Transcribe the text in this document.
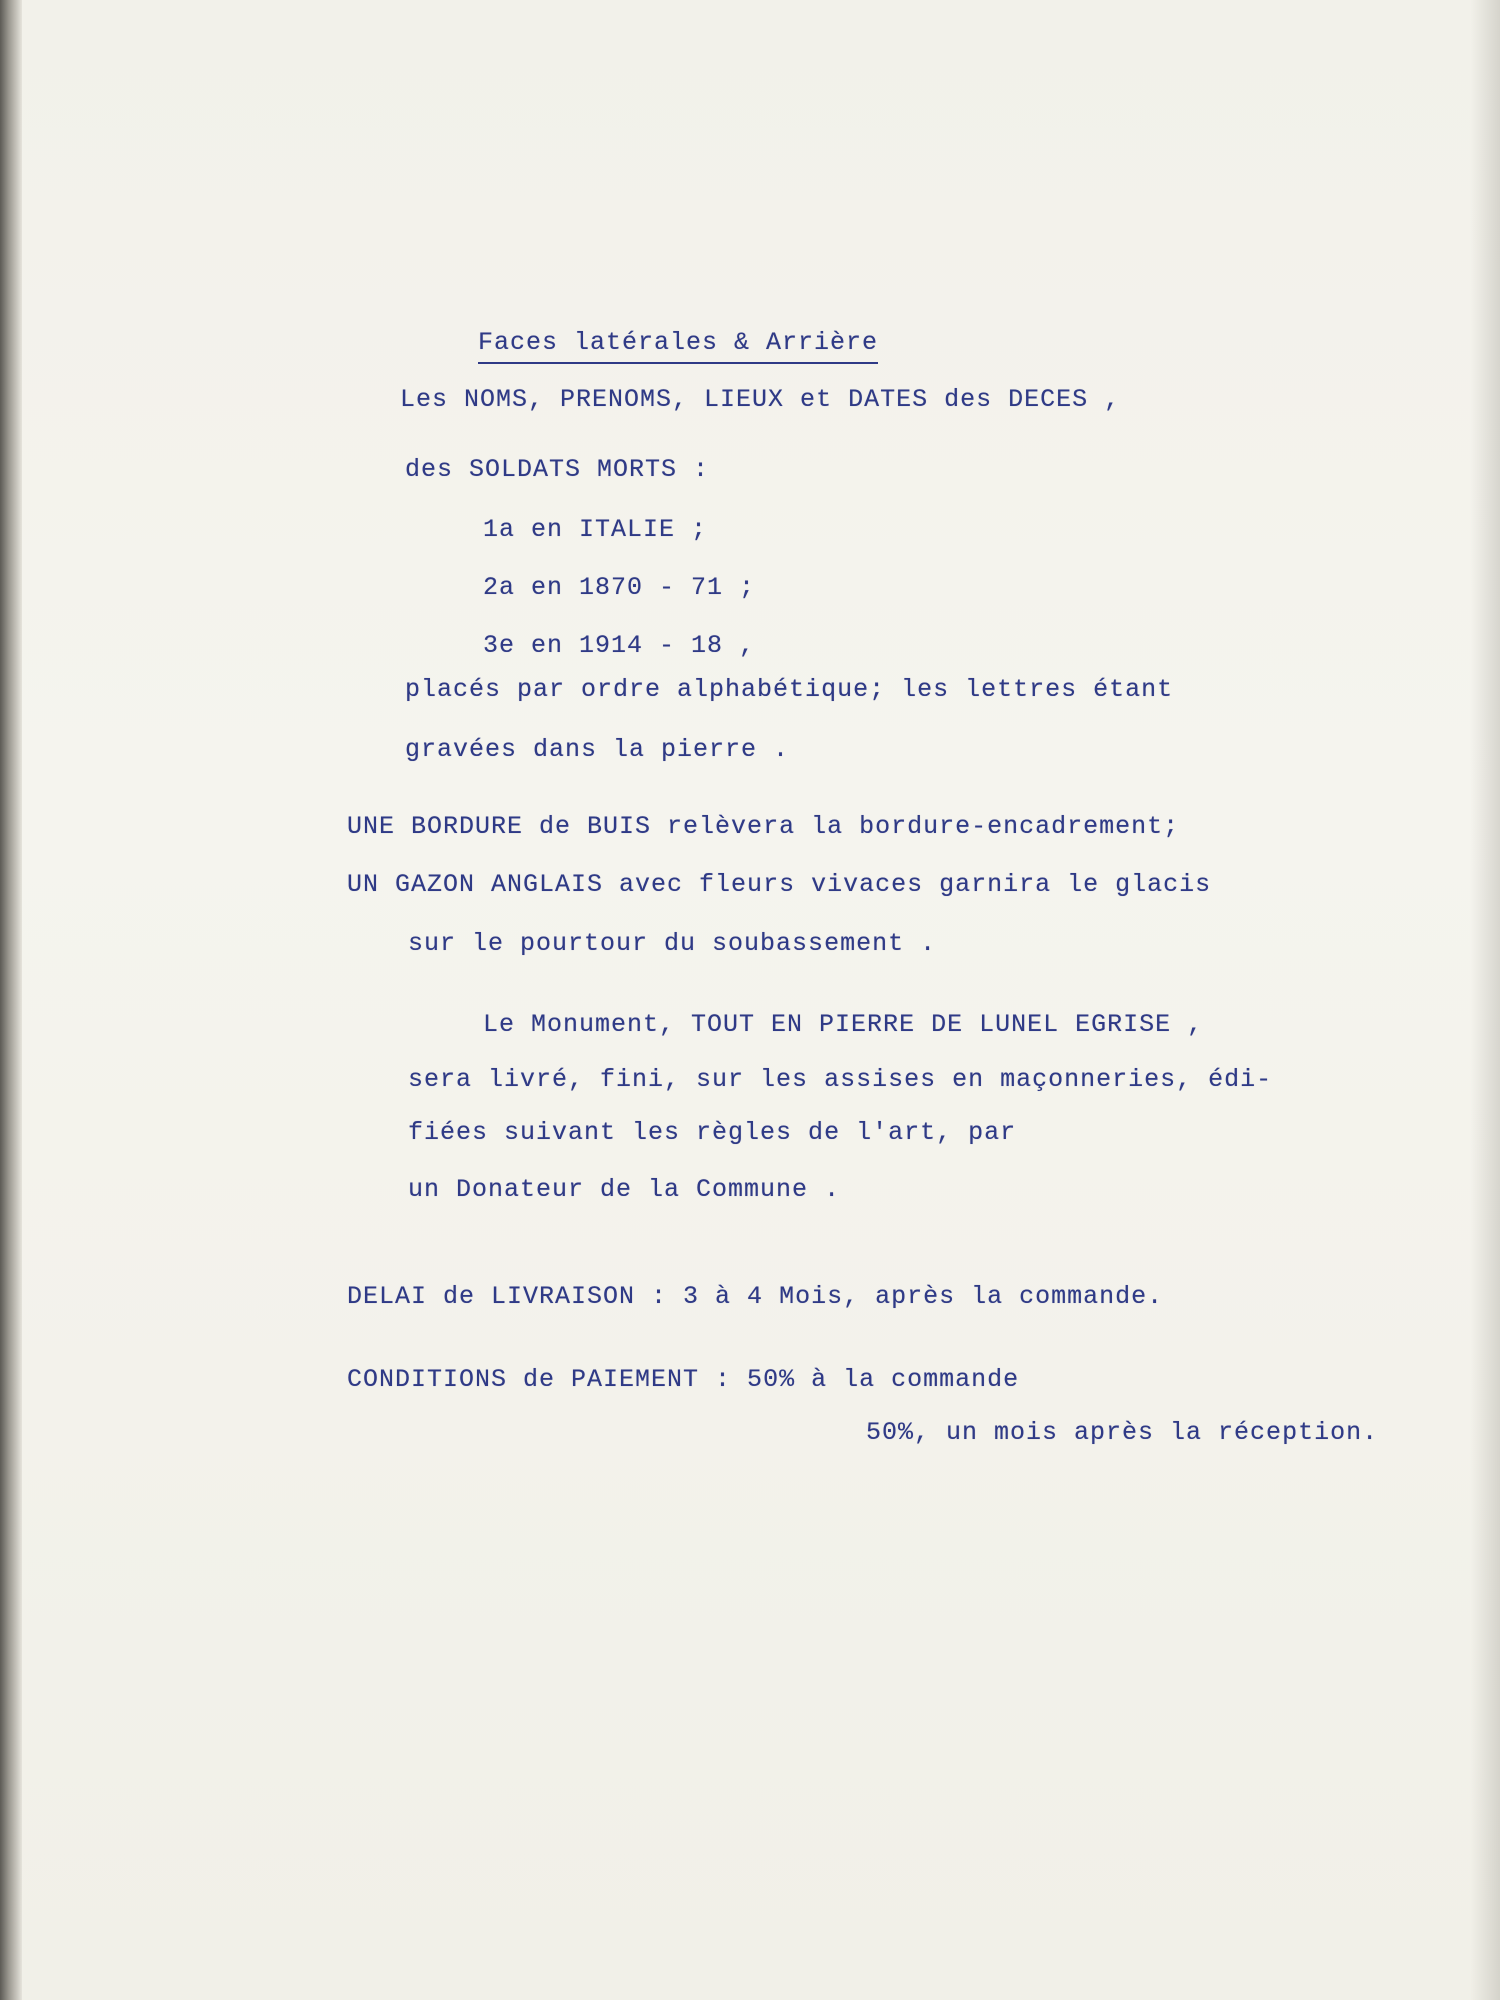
Faces latérales & Arrière

Les NOMS, PRENOMS, LIEUX et DATES des DECES ,

des SOLDATS MORTS :

1a en ITALIE ;

2a en 1870 - 71 ;

3e en 1914 - 18 ,

placés par ordre alphabétique; les lettres étant

gravées dans la pierre .

UNE BORDURE de BUIS relèvera la bordure-encadrement;

UN GAZON ANGLAIS avec fleurs vivaces garnira le glacis

sur le pourtour du soubassement .

Le Monument, TOUT EN PIERRE DE LUNEL EGRISE ,

sera livré, fini, sur les assises en maçonneries, édi-

fiées suivant les règles de l'art, par

un Donateur de la Commune .

DELAI de LIVRAISON : 3 à 4 Mois, après la commande.

CONDITIONS de PAIEMENT : 50% à la commande

50%, un mois après la réception.
